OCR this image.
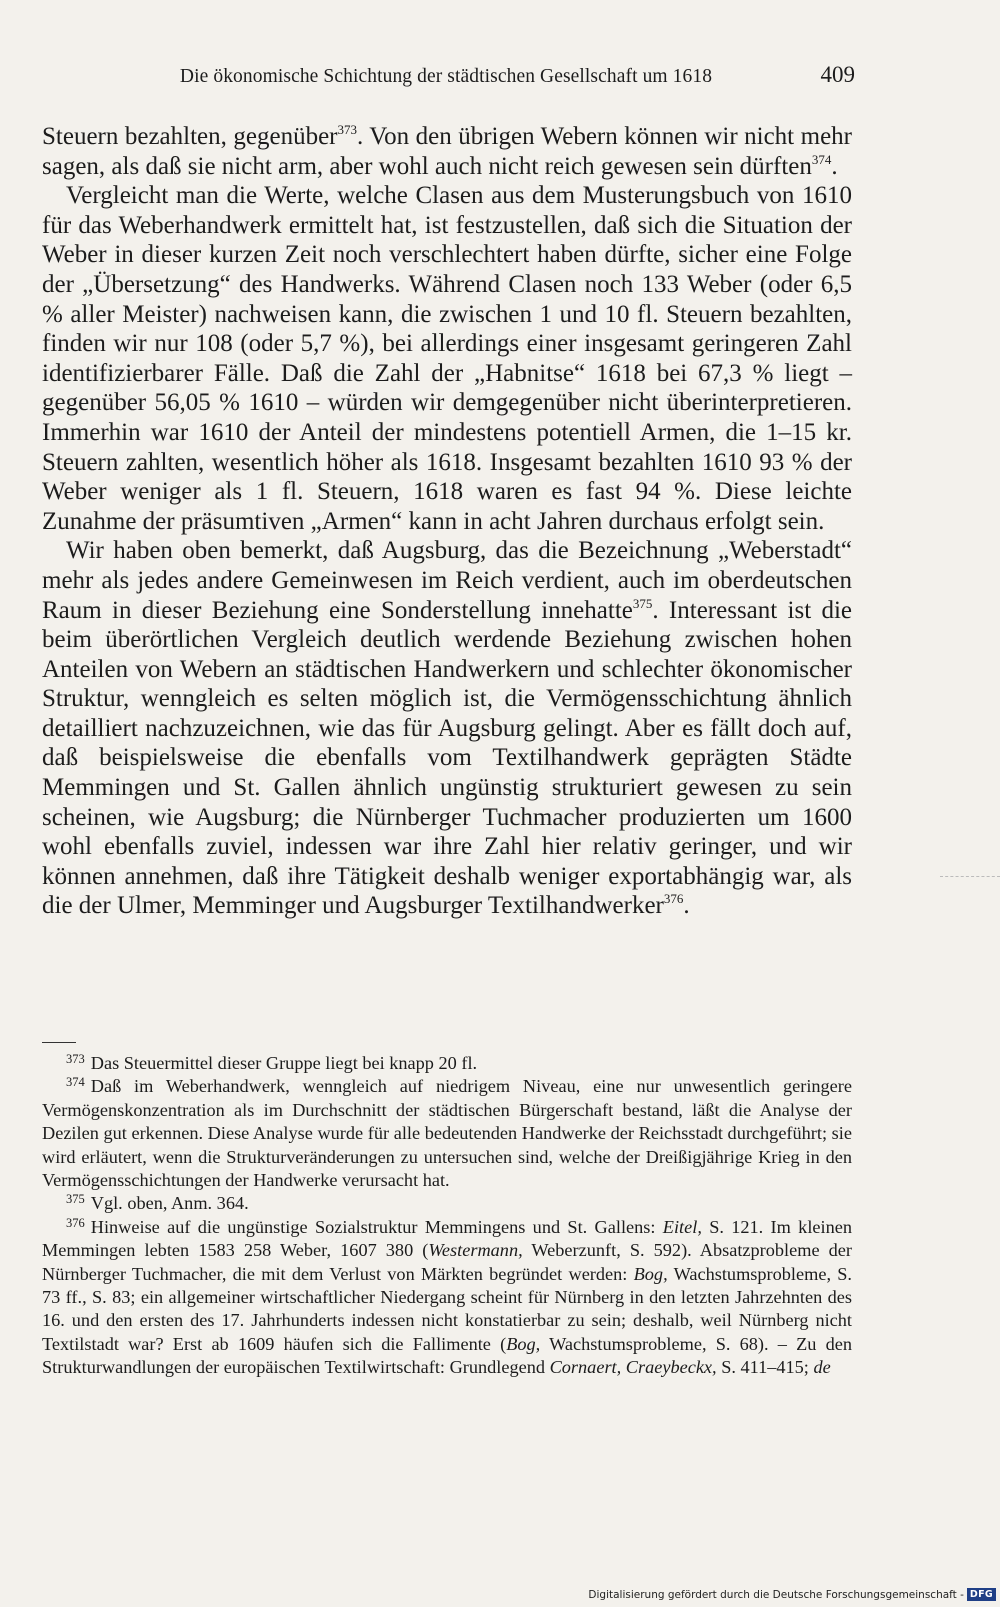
Die ökonomische Schichtung der städtischen Gesellschaft um 1618	409

Steuern bezahlten, gegenüber$^{373}$. Von den übrigen Webern können wir nicht mehr sagen, als daß sie nicht arm, aber wohl auch nicht reich gewesen sein dürften$^{374}$.

Vergleicht man die Werte, welche Clasen aus dem Musterungsbuch von 1610 für das Weberhandwerk ermittelt hat, ist festzustellen, daß sich die Situation der Weber in dieser kurzen Zeit noch verschlechtert haben dürfte, sicher eine Folge der „Übersetzung“ des Handwerks. Während Clasen noch 133 Weber (oder 6,5 % aller Meister) nachweisen kann, die zwischen 1 und 10 fl. Steuern bezahlten, finden wir nur 108 (oder 5,7 %), bei allerdings einer insgesamt geringeren Zahl identifizierbarer Fälle. Daß die Zahl der „Habnitse“ 1618 bei 67,3 % liegt – gegenüber 56,05 % 1610 – würden wir demgegenüber nicht überinterpretieren. Immerhin war 1610 der Anteil der mindestens potentiell Armen, die 1–15 kr. Steuern zahlten, wesentlich höher als 1618. Insgesamt bezahlten 1610 93 % der Weber weniger als 1 fl. Steuern, 1618 waren es fast 94 %. Diese leichte Zunahme der präsumtiven „Armen“ kann in acht Jahren durchaus erfolgt sein.

Wir haben oben bemerkt, daß Augsburg, das die Bezeichnung „Weberstadt“ mehr als jedes andere Gemeinwesen im Reich verdient, auch im oberdeutschen Raum in dieser Beziehung eine Sonderstellung innehatte$^{375}$. Interessant ist die beim überörtlichen Vergleich deutlich werdende Beziehung zwischen hohen Anteilen von Webern an städtischen Handwerkern und schlechter ökonomischer Struktur, wenngleich es selten möglich ist, die Vermögensschichtung ähnlich detailliert nachzuzeichnen, wie das für Augsburg gelingt. Aber es fällt doch auf, daß beispielsweise die ebenfalls vom Textilhandwerk geprägten Städte Memmingen und St. Gallen ähnlich ungünstig strukturiert gewesen zu sein scheinen, wie Augsburg; die Nürnberger Tuchmacher produzierten um 1600 wohl ebenfalls zuviel, indessen war ihre Zahl hier relativ geringer, und wir können annehmen, daß ihre Tätigkeit deshalb weniger exportabhängig war, als die der Ulmer, Memminger und Augsburger Textilhandwerker$^{376}$.

$^{373}$ Das Steuermittel dieser Gruppe liegt bei knapp 20 fl.

$^{374}$ Daß im Weberhandwerk, wenngleich auf niedrigem Niveau, eine nur unwesentlich geringere Vermögenskonzentration als im Durchschnitt der städtischen Bürgerschaft bestand, läßt die Analyse der Dezilen gut erkennen. Diese Analyse wurde für alle bedeutenden Handwerke der Reichsstadt durchgeführt; sie wird erläutert, wenn die Strukturveränderungen zu untersuchen sind, welche der Dreißigjährige Krieg in den Vermögensschichtungen der Handwerke verursacht hat.

$^{375}$ Vgl. oben, Anm. 364.

$^{376}$ Hinweise auf die ungünstige Sozialstruktur Memmingens und St. Gallens: Eitel, S. 121. Im kleinen Memmingen lebten 1583 258 Weber, 1607 380 (Westermann, Weberzunft, S. 592). Absatzprobleme der Nürnberger Tuchmacher, die mit dem Verlust von Märkten begründet werden: Bog, Wachstumsprobleme, S. 73 ff., S. 83; ein allgemeiner wirtschaftlicher Niedergang scheint für Nürnberg in den letzten Jahrzehnten des 16. und den ersten des 17. Jahrhunderts indessen nicht konstatierbar zu sein; deshalb, weil Nürnberg nicht Textilstadt war? Erst ab 1609 häufen sich die Fallimente (Bog, Wachstumsprobleme, S. 68). – Zu den Strukturwandlungen der europäischen Textilwirtschaft: Grundlegend Cornaert, Craeybeckx, S. 411–415; de

Digitalisierung gefördert durch die Deutsche Forschungsgemeinschaft - DFG
